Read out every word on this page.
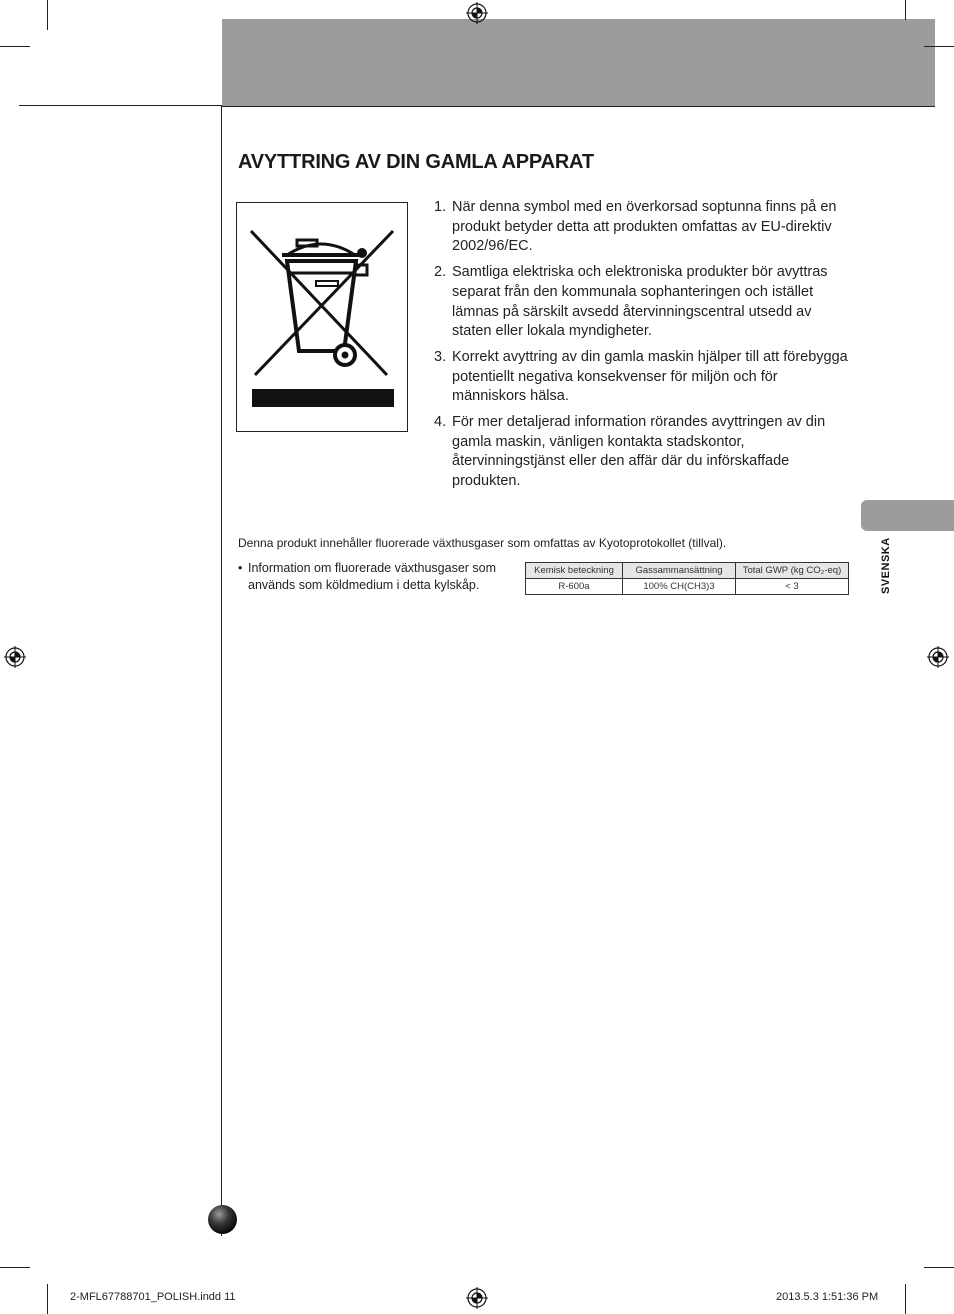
AVYTTRING AV DIN GAMLA APPARAT
1. När denna symbol med en överkorsad soptunna finns på en produkt betyder detta att produkten omfattas av EU-direktiv 2002/96/EC.
2. Samtliga elektriska och elektroniska produkter bör avyttras separat från den kommunala sophanteringen och istället lämnas på särskilt avsedd återvinningscentral utsedd av staten eller lokala myndigheter.
3. Korrekt avyttring av din gamla maskin hjälper till att förebygga potentiellt negativa konsekvenser för miljön och för människors hälsa.
4. För mer detaljerad information rörandes avyttringen av din gamla maskin, vänligen kontakta stadskontor, återvinningstjänst eller den affär där du införskaffade produkten.
Denna produkt innehåller fluorerade växthusgaser som omfattas av Kyotoprotokollet (tillval).
• Information om fluorerade växthusgaser som används som köldmedium i detta kylskåp.
Kemisk beteckning	Gassammansättning	Total GWP (kg CO₂-eq)
R-600a	100% CH(CH3)3	< 3	SVENSKA
2-MFL67788701_POLISH.indd 11	2013.5.3 1:51:36 PM
